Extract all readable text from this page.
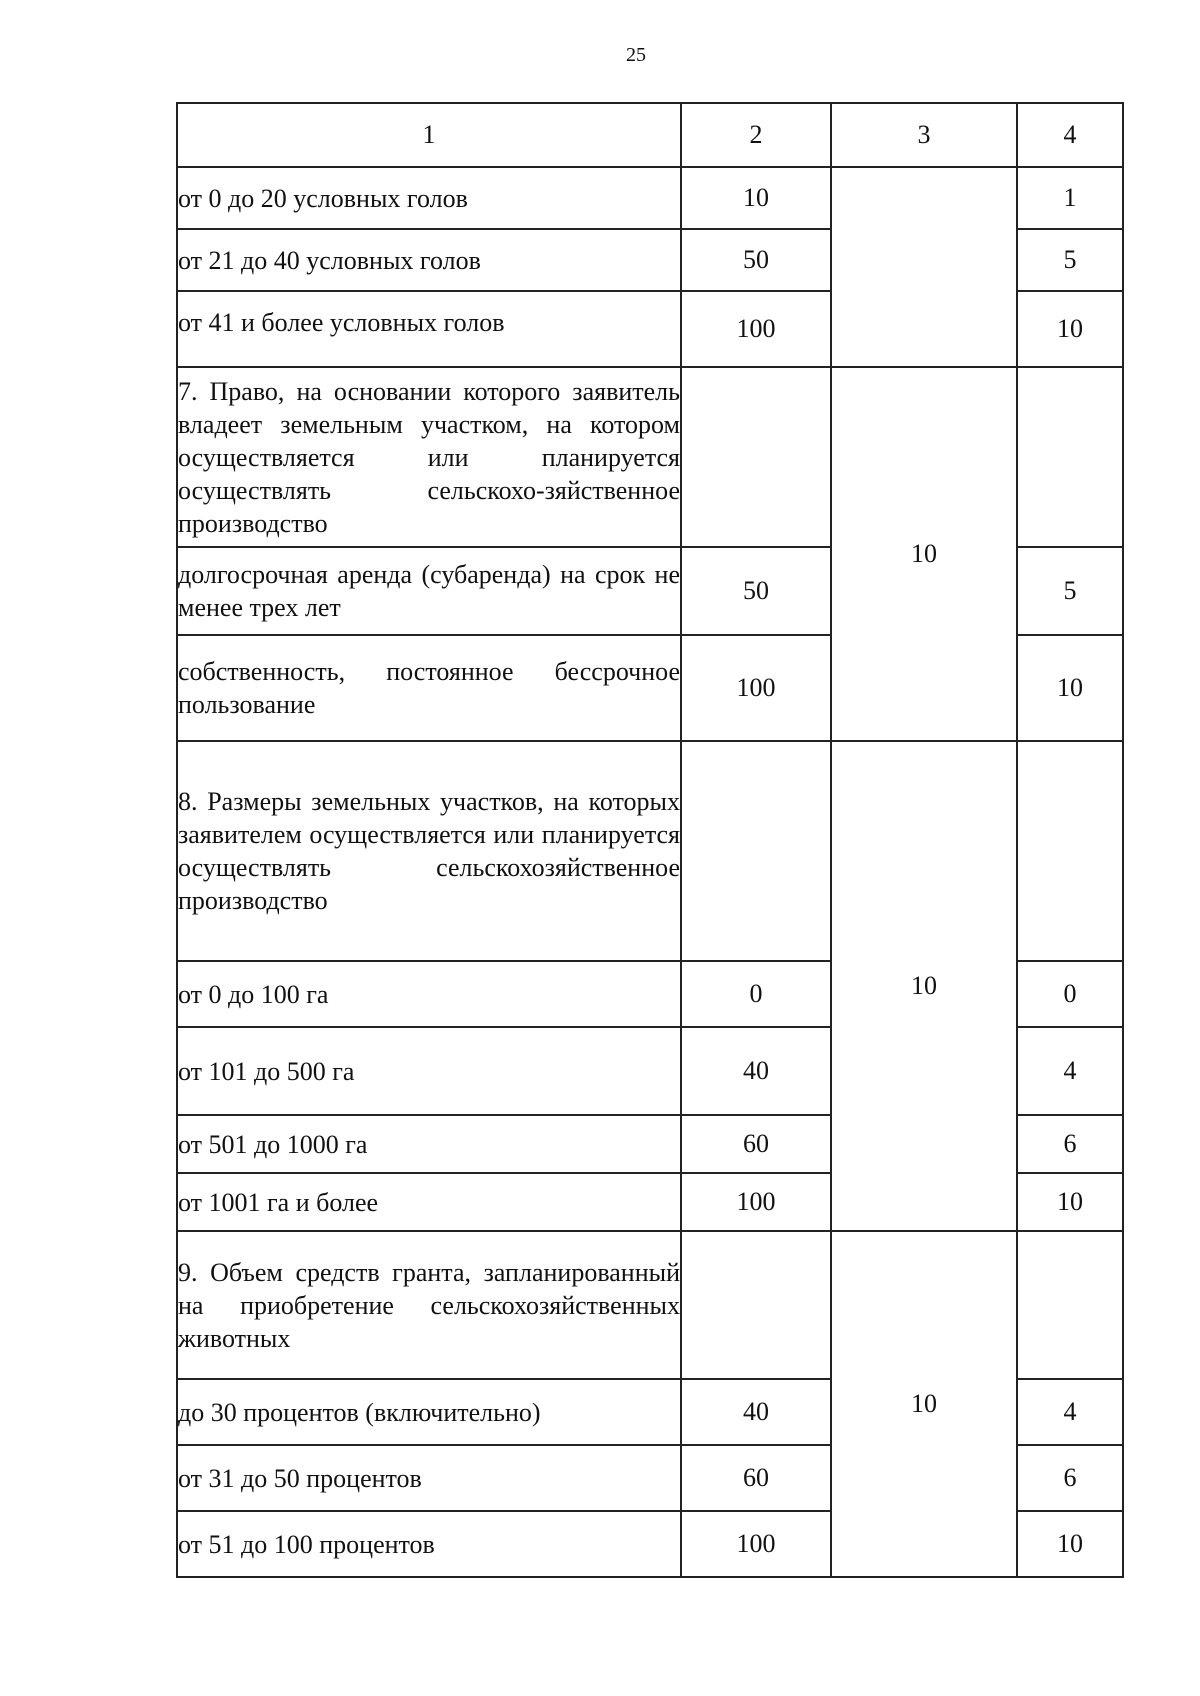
25
1	2	3	4
от 0 до 20 условных голов	10		1
от 21 до 40 условных голов	50		5
от 41 и более условных голов	100		10
7. Право, на основании которого заявитель владеет земельным участком, на котором осуществляется или планируется осуществлять сельскохо-зяйственное производство		10	
долгосрочная аренда (субаренда) на срок не менее трех лет	50		5
собственность, постоянное бессрочное пользование	100		10
8. Размеры земельных участков, на которых заявителем осуществляется или планируется осуществлять сельскохозяйственное производство		10	
от 0 до 100 га	0		0
от 101 до 500 га	40		4
от 501 до 1000 га	60		6
от 1001 га и более	100		10
9. Объем средств гранта, запланированный на приобретение сельскохозяйственных животных		10	
до 30 процентов (включительно)	40		4
от 31 до 50 процентов	60		6
от 51 до 100 процентов	100		10
